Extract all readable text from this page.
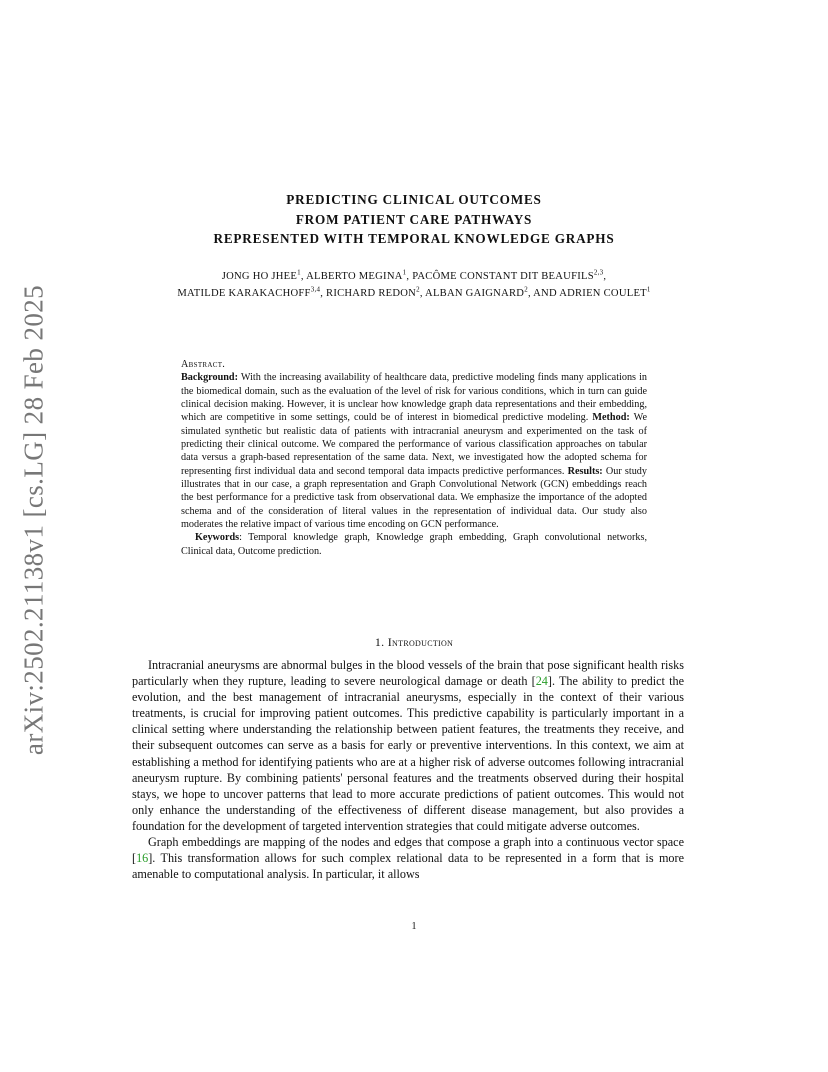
arXiv:2502.21138v1 [cs.LG] 28 Feb 2025
PREDICTING CLINICAL OUTCOMES
FROM PATIENT CARE PATHWAYS
REPRESENTED WITH TEMPORAL KNOWLEDGE GRAPHS
JONG HO JHEE$^1$, ALBERTO MEGINA$^1$, PACÔME CONSTANT DIT BEAUFILS$^{2,3}$,
MATILDE KARAKACHOFF$^{3,4}$, RICHARD REDON$^2$, ALBAN GAIGNARD$^2$, AND ADRIEN COULET$^1$

Abstract.

Background: With the increasing availability of healthcare data, predictive modeling finds many applications in the biomedical domain, such as the evaluation of the level of risk for various conditions, which in turn can guide clinical decision making. However, it is unclear how knowledge graph data representations and their embedding, which are competitive in some settings, could be of interest in biomedical predictive modeling. Method: We simulated synthetic but realistic data of patients with intracranial aneurysm and experimented on the task of predicting their clinical outcome. We compared the performance of various classification approaches on tabular data versus a graph-based representation of the same data. Next, we investigated how the adopted schema for representing first individual data and second temporal data impacts predictive performances. Results: Our study illustrates that in our case, a graph representation and Graph Convolutional Network (GCN) embeddings reach the best performance for a predictive task from observational data. We emphasize the importance of the adopted schema and of the consideration of literal values in the representation of individual data. Our study also moderates the relative impact of various time encoding on GCN performance.

Keywords: Temporal knowledge graph, Knowledge graph embedding, Graph convolutional networks, Clinical data, Outcome prediction.

1. Introduction

Intracranial aneurysms are abnormal bulges in the blood vessels of the brain that pose significant health risks particularly when they rupture, leading to severe neurological damage or death [24]. The ability to predict the evolution, and the best management of intracranial aneurysms, especially in the context of their various treatments, is crucial for improving patient outcomes. This predictive capability is particularly important in a clinical setting where understanding the relationship between patient features, the treatments they receive, and their subsequent outcomes can serve as a basis for early or preventive interventions. In this context, we aim at establishing a method for identifying patients who are at a higher risk of adverse outcomes following intracranial aneurysm rupture. By combining patients' personal features and the treatments observed during their hospital stays, we hope to uncover patterns that lead to more accurate predictions of patient outcomes. This would not only enhance the understanding of the effectiveness of different disease management, but also provides a foundation for the development of targeted intervention strategies that could mitigate adverse outcomes.

Graph embeddings are mapping of the nodes and edges that compose a graph into a continuous vector space [16]. This transformation allows for such complex relational data to be represented in a form that is more amenable to computational analysis. In particular, it allows

1
